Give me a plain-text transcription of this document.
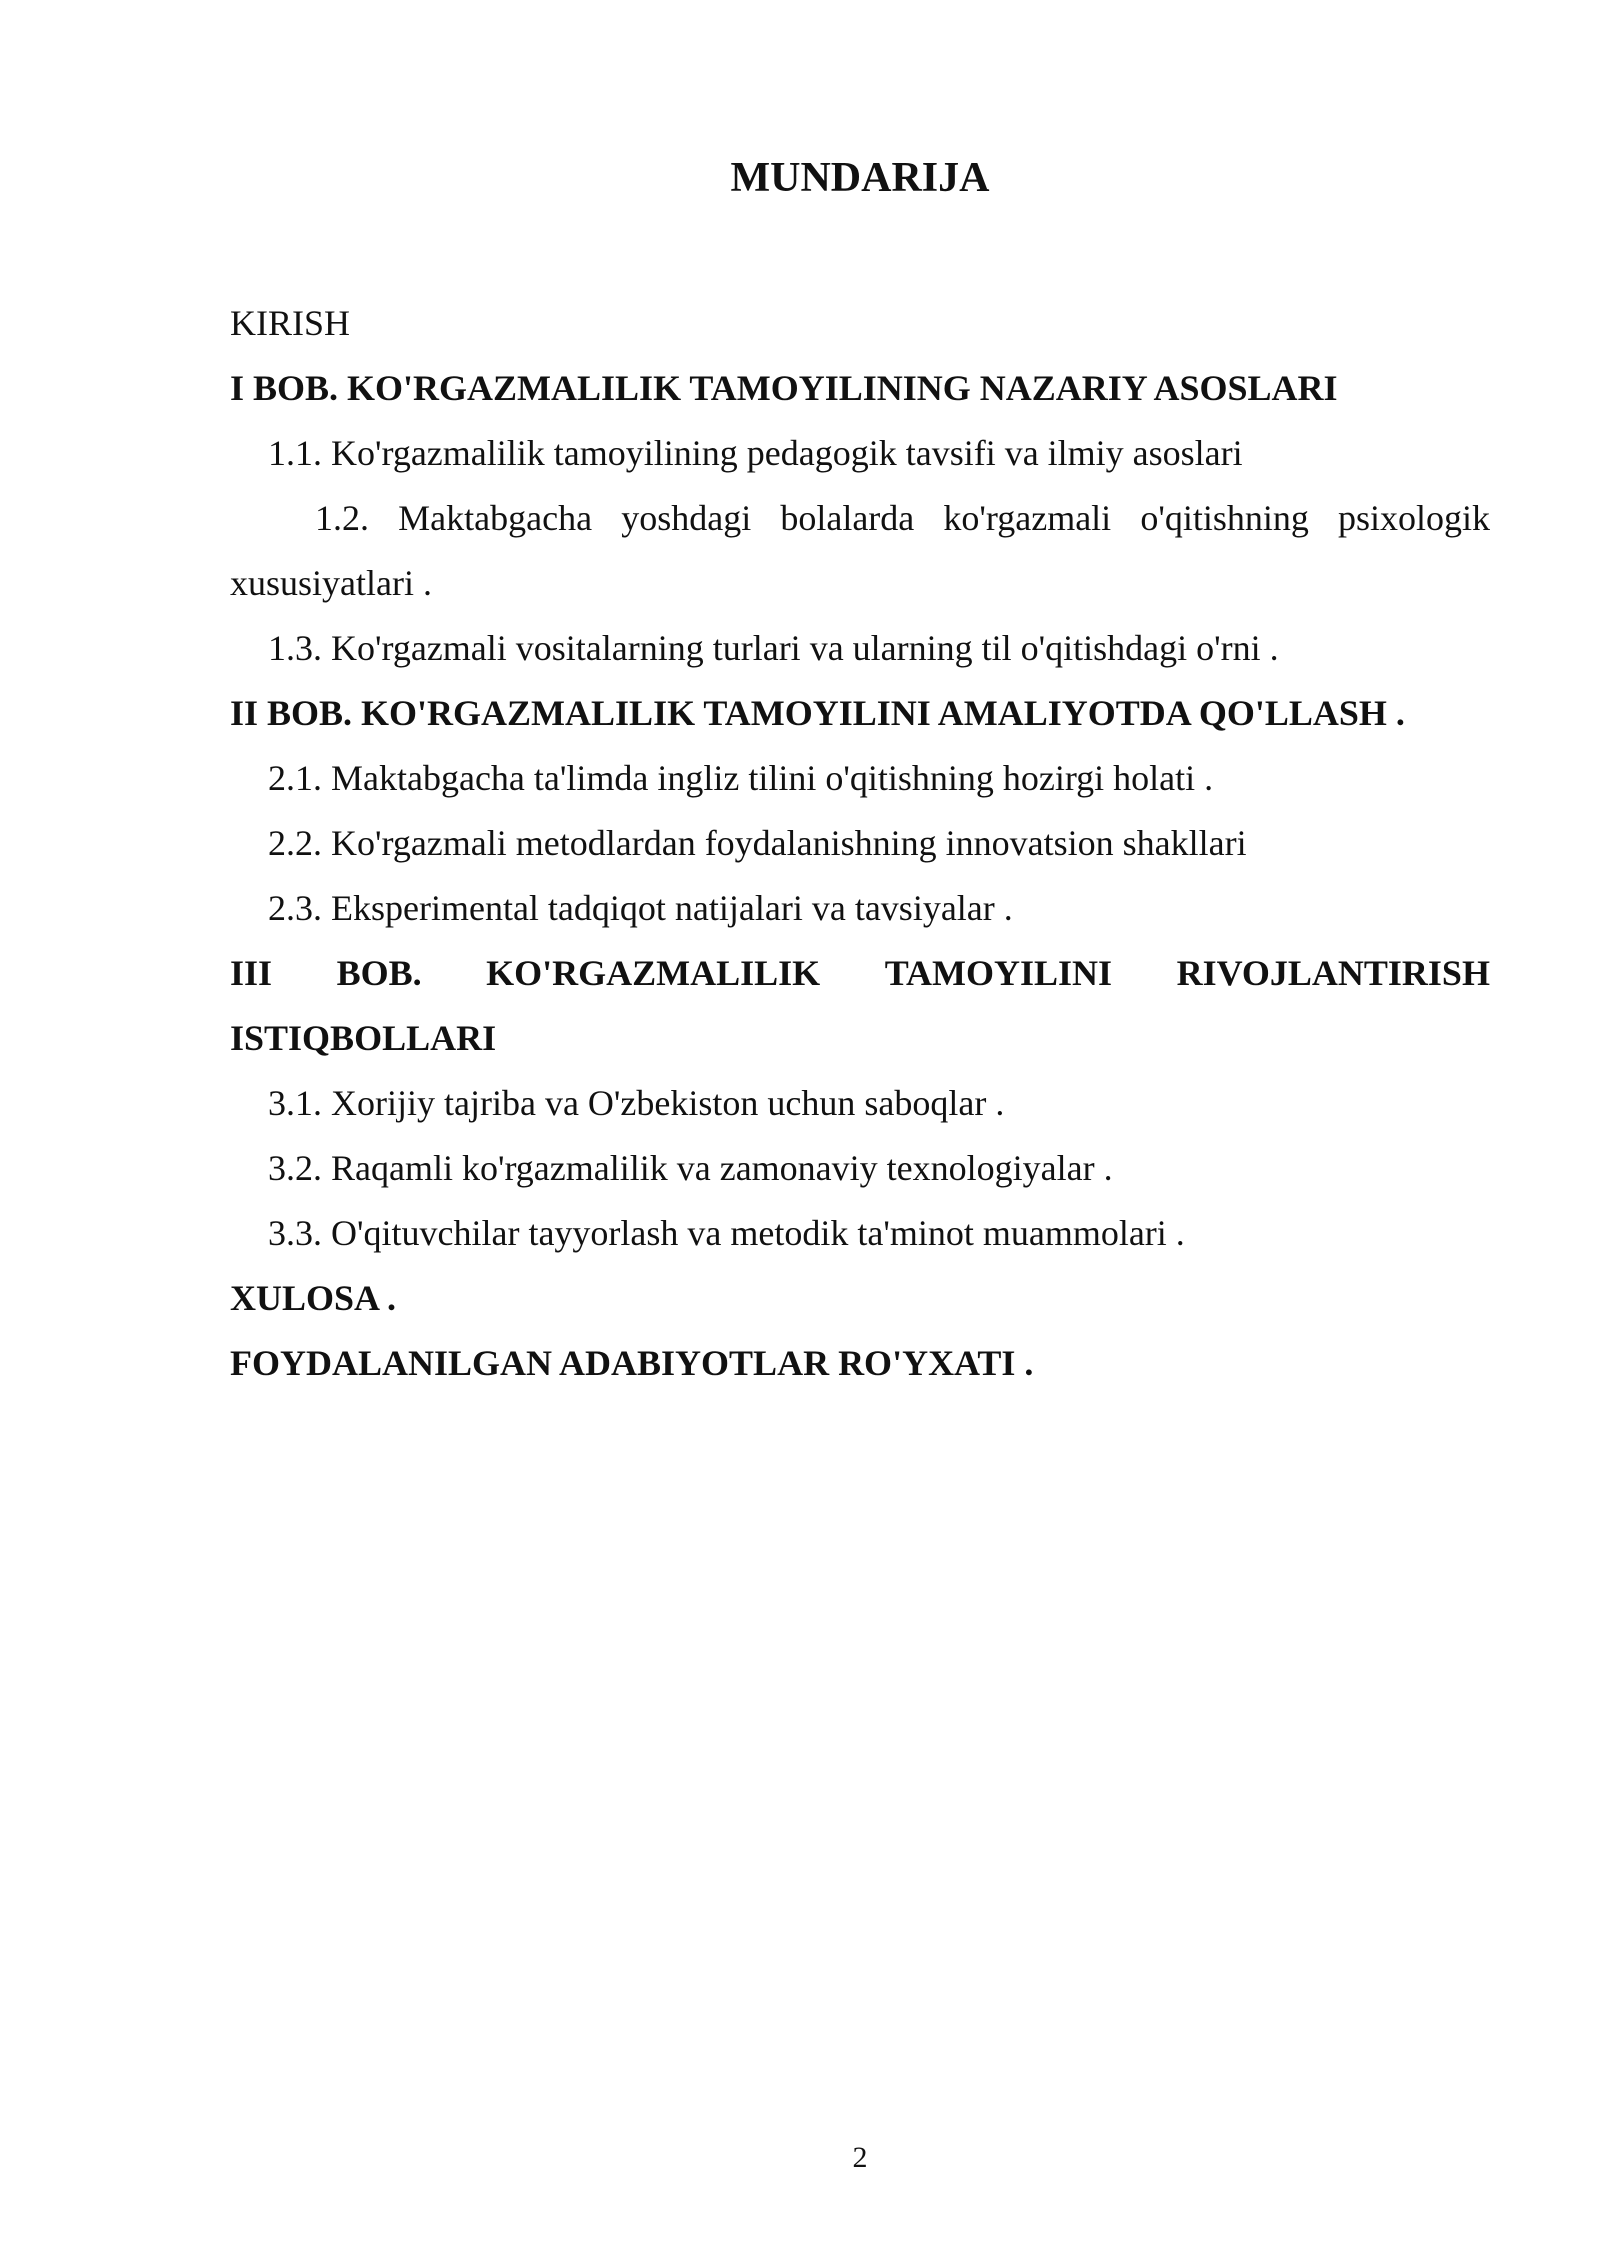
MUNDARIJA
KIRISH
I BOB. KO'RGAZMALILIK TAMOYILINING NAZARIY ASOSLARI
1.1. Ko'rgazmalilik tamoyilining pedagogik tavsifi va ilmiy asoslari
1.2. Maktabgacha yoshdagi bolalarda ko'rgazmali o'qitishning psixologik xususiyatlari .
1.3. Ko'rgazmali vositalarning turlari va ularning til o'qitishdagi o'rni .
II BOB. KO'RGAZMALILIK TAMOYILINI AMALIYOTDA QO'LLASH .
2.1. Maktabgacha ta'limda ingliz tilini o'qitishning hozirgi holati .
2.2. Ko'rgazmali metodlardan foydalanishning innovatsion shakllari
2.3. Eksperimental tadqiqot natijalari va tavsiyalar .
III BOB. KO'RGAZMALILIK TAMOYILINI RIVOJLANTIRISH
ISTIQBOLLARI
3.1. Xorijiy tajriba va O'zbekiston uchun saboqlar .
3.2. Raqamli ko'rgazmalilik va zamonaviy texnologiyalar .
3.3. O'qituvchilar tayyorlash va metodik ta'minot muammolari .
XULOSA .
FOYDALANILGAN ADABIYOTLAR RO'YXATI .
2
